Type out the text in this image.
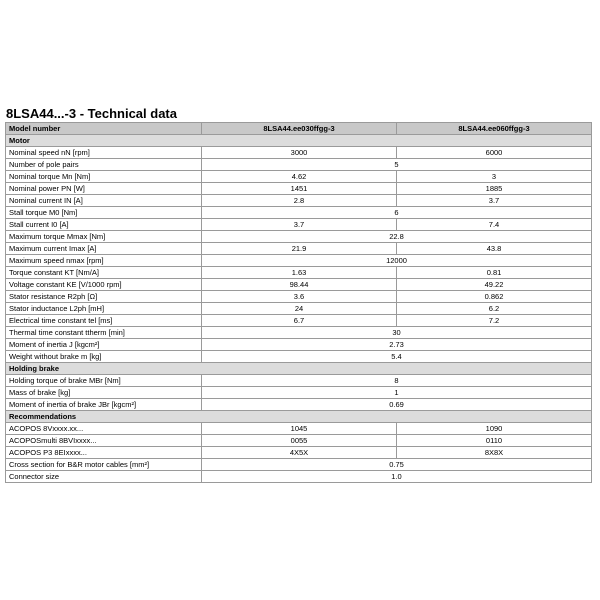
8LSA44...-3 - Technical data
Model number	8LSA44.ee030ffgg-3	8LSA44.ee060ffgg-3
Motor		
Nominal speed nN [rpm]	3000	6000
Number of pole pairs	5	
Nominal torque Mn [Nm]	4.62	3
Nominal power PN [W]	1451	1885
Nominal current IN [A]	2.8	3.7
Stall torque M0 [Nm]	6	
Stall current I0 [A]	3.7	7.4
Maximum torque Mmax [Nm]	22.8	
Maximum current Imax [A]	21.9	43.8
Maximum speed nmax [rpm]	12000	
Torque constant KT [Nm/A]	1.63	0.81
Voltage constant KE [V/1000 rpm]	98.44	49.22
Stator resistance R2ph [Ω]	3.6	0.862
Stator inductance L2ph [mH]	24	6.2
Electrical time constant tel [ms]	6.7	7.2
Thermal time constant ttherm [min]	30	
Moment of inertia J [kgcm²]	2.73	
Weight without brake m [kg]	5.4	
Holding brake		
Holding torque of brake MBr [Nm]	8	
Mass of brake [kg]	1	
Moment of inertia of brake JBr [kgcm²]	0.69	
Recommendations		
ACOPOS 8Vxxxx.xx...	1045	1090
ACOPOSmulti 8BVIxxxx...	0055	0110
ACOPOS P3 8EIxxxx...	4X5X	8X8X
Cross section for B&R motor cables [mm²]	0.75	
Connector size	1.0	
